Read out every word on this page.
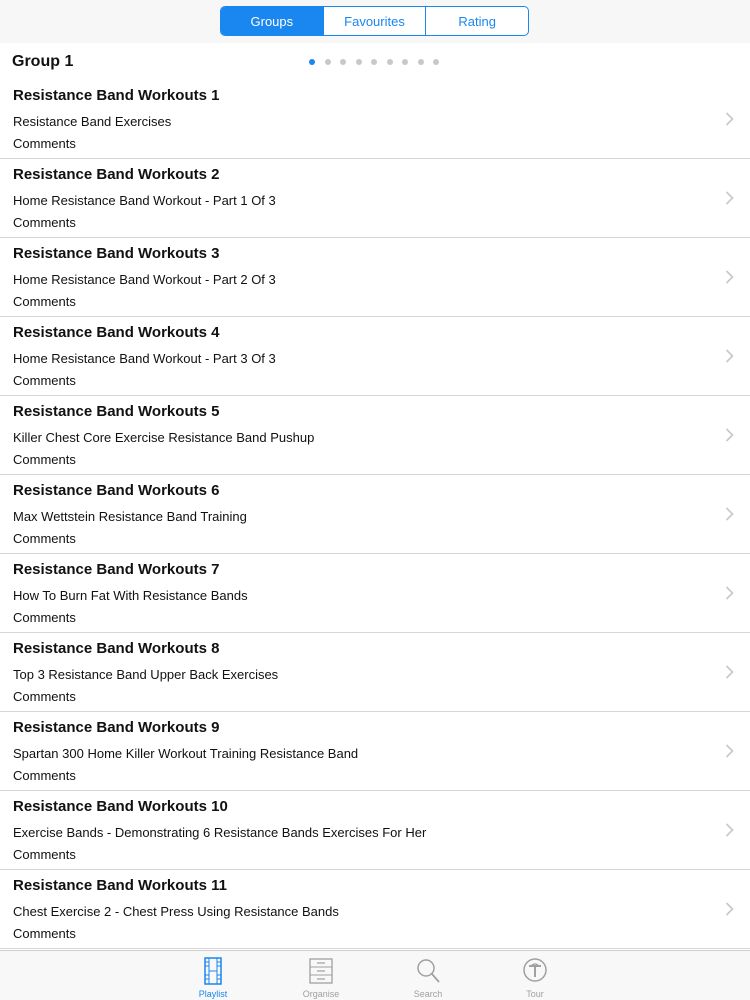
Groups	Favourites	Rating
Group 1
Resistance Band Workouts 1
Resistance Band Exercises
Comments
Resistance Band Workouts 2
Home Resistance Band Workout - Part 1 Of 3
Comments
Resistance Band Workouts 3
Home Resistance Band Workout - Part 2 Of 3
Comments
Resistance Band Workouts 4
Home Resistance Band Workout - Part 3 Of 3
Comments
Resistance Band Workouts 5
Killer Chest Core Exercise Resistance Band Pushup
Comments
Resistance Band Workouts 6
Max Wettstein Resistance Band Training
Comments
Resistance Band Workouts 7
How To Burn Fat With Resistance Bands
Comments
Resistance Band Workouts 8
Top 3 Resistance Band Upper Back Exercises
Comments
Resistance Band Workouts 9
Spartan 300 Home Killer Workout Training Resistance Band
Comments
Resistance Band Workouts 10
Exercise Bands - Demonstrating 6 Resistance Bands Exercises For Her
Comments
Resistance Band Workouts 11
Chest Exercise 2 - Chest Press Using Resistance Bands
Comments
Playlist	Organise	Search	Tour
